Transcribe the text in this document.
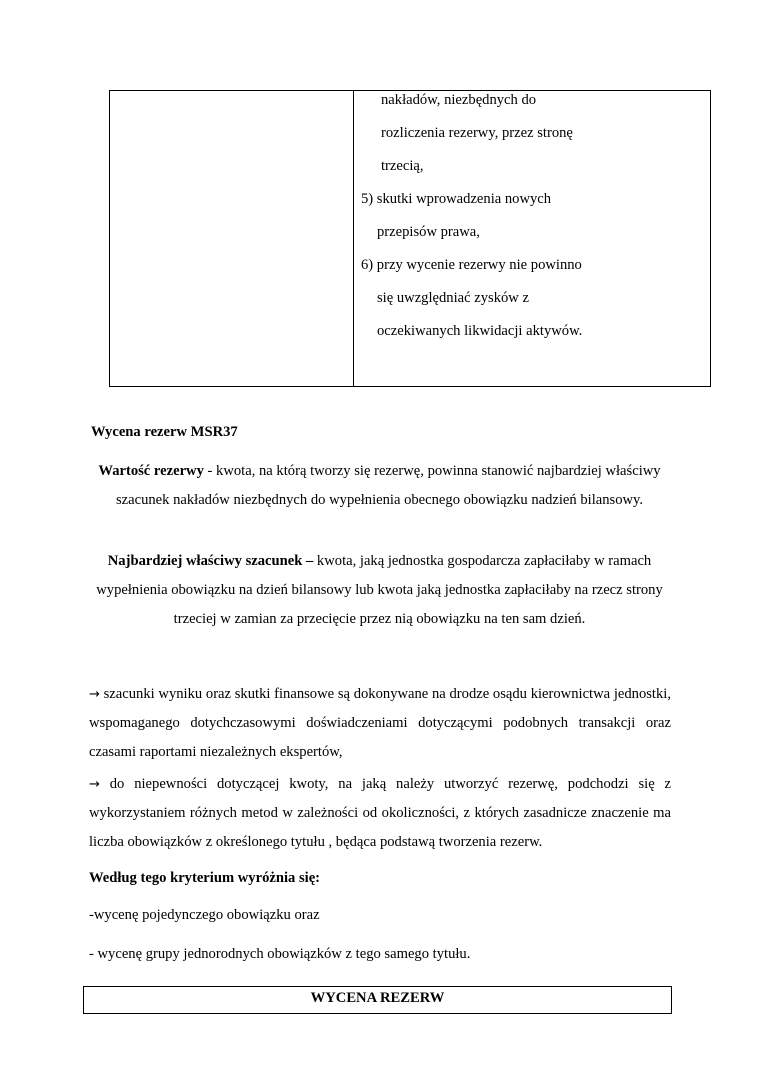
nakładów, niezbędnych do
rozliczenia rezerwy, przez stronę
trzecią,
5) skutki wprowadzenia nowych
przepisów prawa,
6) przy wycenie rezerwy nie powinno
się uwzględniać zysków z
oczekiwanych likwidacji aktywów.
Wycena rezerw MSR37
Wartość rezerwy - kwota, na którą tworzy się rezerwę, powinna stanowić najbardziej właściwy szacunek nakładów niezbędnych do wypełnienia obecnego obowiązku nadzień bilansowy.
Najbardziej właściwy szacunek – kwota, jaką jednostka gospodarcza zapłaciłaby w ramach wypełnienia obowiązku na dzień bilansowy lub kwota jaką jednostka zapłaciłaby na rzecz strony trzeciej w zamian za przecięcie przez nią obowiązku na ten sam dzień.
→ szacunki wyniku oraz skutki finansowe są dokonywane na drodze osądu kierownictwa jednostki, wspomaganego dotychczasowymi doświadczeniami dotyczącymi podobnych transakcji oraz czasami raportami niezależnych ekspertów,
→ do niepewności dotyczącej kwoty, na jaką należy utworzyć rezerwę, podchodzi się z wykorzystaniem różnych metod w zależności od okoliczności, z których zasadnicze znaczenie ma liczba obowiązków z określonego tytułu , będąca podstawą tworzenia rezerw.
Według tego kryterium wyróżnia się:
-wycenę pojedynczego obowiązku oraz
- wycenę grupy jednorodnych obowiązków z tego samego tytułu.
WYCENA REZERW
